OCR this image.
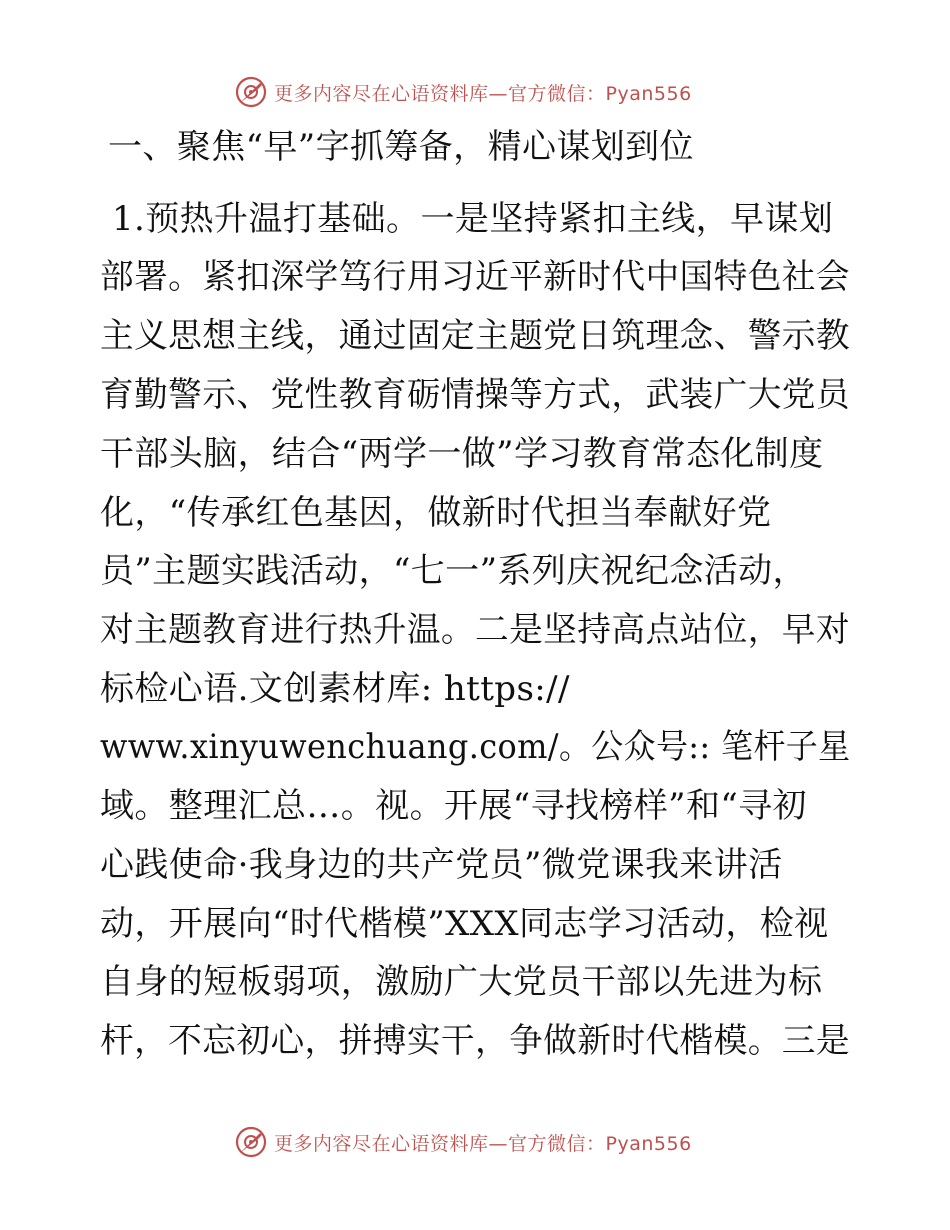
更多内容尽在心语资料库—官方微信：Pyan556
一、聚焦“早”字抓筹备，精心谋划到位
1.预热升温打基础。一是坚持紧扣主线，早谋划
部署。紧扣深学笃行用习近平新时代中国特色社会
主义思想主线，通过固定主题党日筑理念、警示教
育勤警示、党性教育砺情操等方式，武装广大党员
干部头脑，结合“两学一做”学习教育常态化制度
化，“传承红色基因，做新时代担当奉献好党
员”主题实践活动，“七一”系列庆祝纪念活动，
对主题教育进行热升温。二是坚持高点站位，早对
标检心语.文创素材库: https://
www.xinyuwenchuang.com/。公众号:: 笔杆子星
域。整理汇总…。视。开展“寻找榜样”和“寻初
心践使命·我身边的共产党员”微党课我来讲活
动，开展向“时代楷模”XXX同志学习活动，检视
自身的短板弱项，激励广大党员干部以先进为标
杆，不忘初心，拼搏实干，争做新时代楷模。三是
更多内容尽在心语资料库—官方微信：Pyan556
